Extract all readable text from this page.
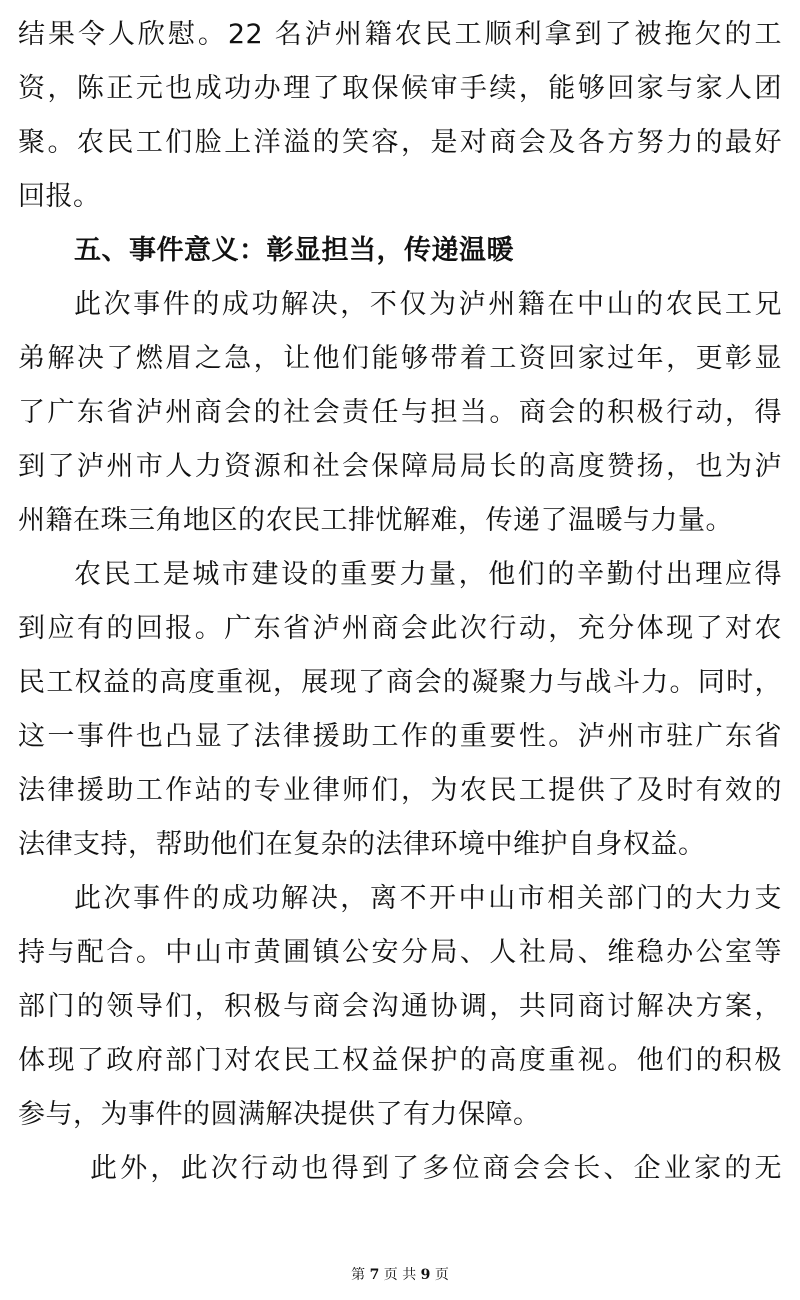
结果令人欣慰。22 名泸州籍农民工顺利拿到了被拖欠的工
资，陈正元也成功办理了取保候审手续，能够回家与家人团
聚。农民工们脸上洋溢的笑容，是对商会及各方努力的最好
回报。
五、事件意义：彰显担当，传递温暖
此次事件的成功解决，不仅为泸州籍在中山的农民工兄
弟解决了燃眉之急，让他们能够带着工资回家过年，更彰显
了广东省泸州商会的社会责任与担当。商会的积极行动，得
到了泸州市人力资源和社会保障局局长的高度赞扬，也为泸
州籍在珠三角地区的农民工排忧解难，传递了温暖与力量。
农民工是城市建设的重要力量，他们的辛勤付出理应得
到应有的回报。广东省泸州商会此次行动，充分体现了对农
民工权益的高度重视，展现了商会的凝聚力与战斗力。同时，
这一事件也凸显了法律援助工作的重要性。泸州市驻广东省
法律援助工作站的专业律师们，为农民工提供了及时有效的
法律支持，帮助他们在复杂的法律环境中维护自身权益。
此次事件的成功解决，离不开中山市相关部门的大力支
持与配合。中山市黄圃镇公安分局、人社局、维稳办公室等
部门的领导们，积极与商会沟通协调，共同商讨解决方案，
体现了政府部门对农民工权益保护的高度重视。他们的积极
参与，为事件的圆满解决提供了有力保障。
此外，此次行动也得到了多位商会会长、企业家的无
第 7 页 共 9 页
